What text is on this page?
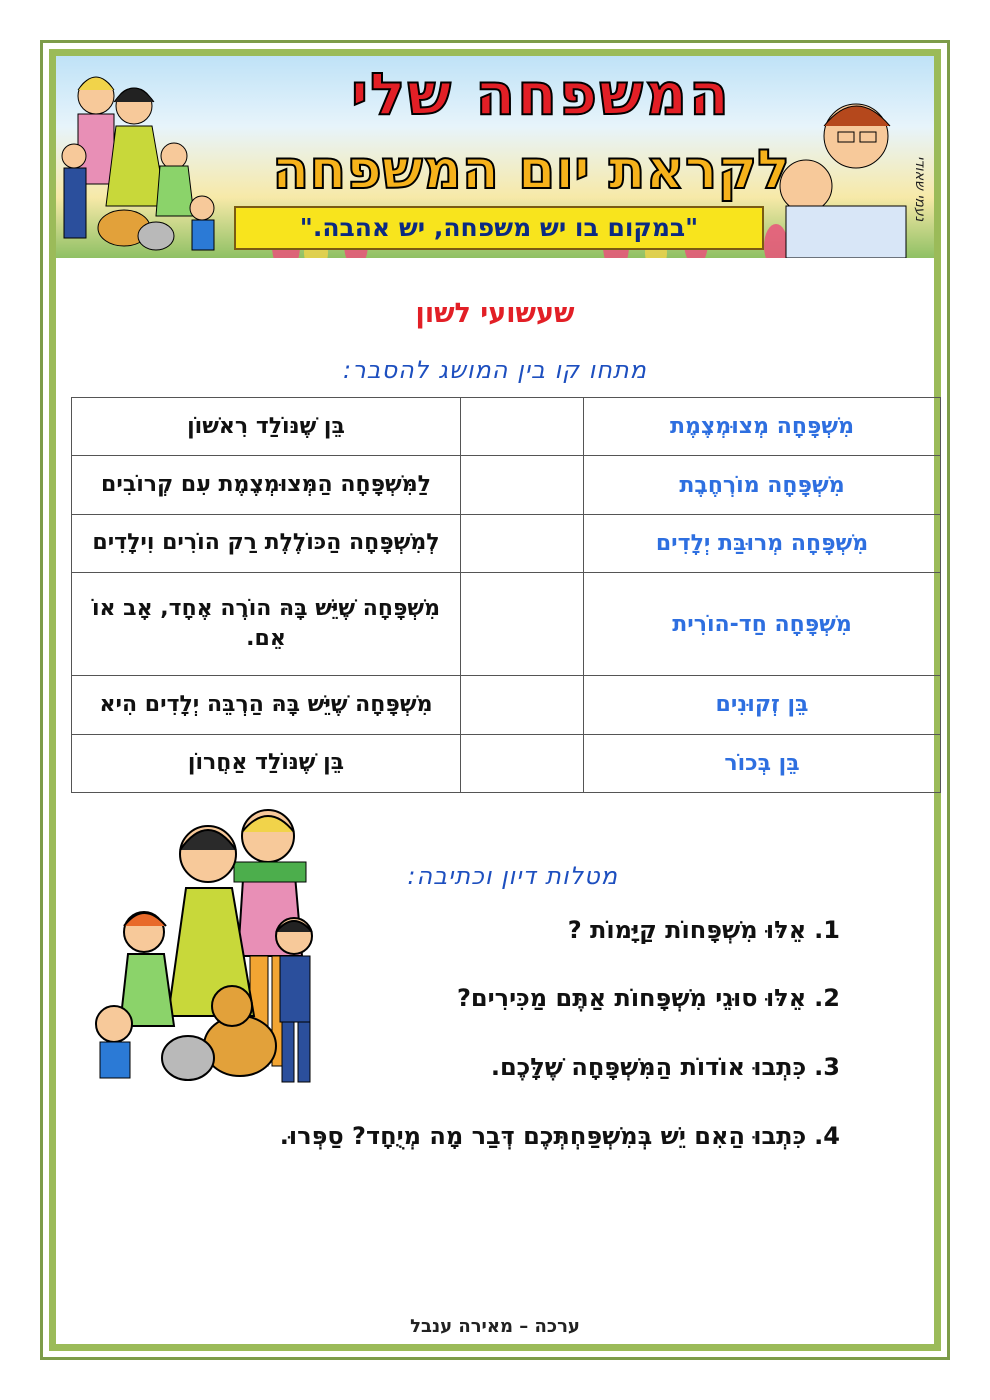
המשפחה שלי
לקראת יום המשפחה
"במקום בו יש משפחה, יש אהבה."
נעמי שאודי
שעשועי לשון
מתחו קו בין המושג להסבר:
מִשְׁפָּחָה מְצוּמְצֶמֶת		בֵּן שֶׁנּוֹלַד רִאשׁוֹן
מִשְׁפָּחָה מוֹרְחֶבֶת		לַמִּשְׁפָּחָה הַמְּצוּמְצֶמֶת עִם קְרוֹבִים
מִשְׁפָּחָה מְרוּבַּת יְלָדִים		לְמִשְׁפָּחָה הַכּוֹלֶלֶת רַק הוֹרִים וִילָדִים
מִשְׁפָּחָה חַד-הוֹרִית		מִשְׁפָּחָה שֶׁיֵּשׁ בָּהּ הוֹרֶה אֶחָד, אָב אוֹ אֵם.
בֵּן זְקוּנִים		מִשְׁפָּחָה שֶׁיֵּשׁ בָּהּ הַרְבֵּה יְלָדִים הִיא
בֵּן בְּכוֹר		בֵּן שֶׁנּוֹלַד אַחֲרוֹן
מטלות דיון וכתיבה:
1.אֵלּוּ מִשְׁפָּחוֹת קַיָּמוֹת ?
2.אֵלּוּ סוּגֵי מִשְׁפָּחוֹת אַתֶּם מַכִּירִים?
3.כִּתְבוּ אוֹדוֹת הַמִּשְׁפָּחָה שֶׁלָּכֶם.
4.כִּתְבוּ הַאִם יֵשׁ בְּמִשְׁפַּחְתְּכֶם דְּבַר מָה מְיֻחָד? סַפְּרוּ.
ערכה – מאירה ענבל
